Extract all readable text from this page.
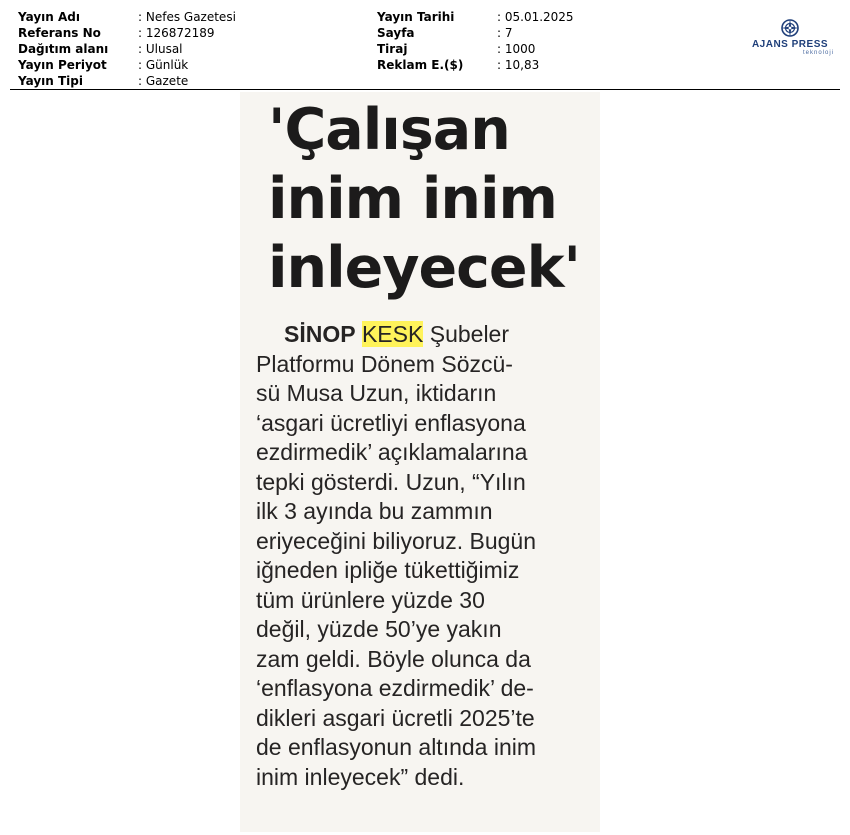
Yayın Adı	: Nefes Gazetesi
Referans No	: 126872189
Dağıtım alanı	: Ulusal
Yayın Periyot	: Günlük
Yayın Tipi	: Gazete
Yayın Tarihi	: 05.01.2025
Sayfa	: 7
Tiraj	: 1000
Reklam E.($)	: 10,83
AJANS PRESS
teknoloji
'Çalışan
inim inim
inleyecek'
SİNOP KESK Şubeler
Platformu Dönem Sözcü-
sü Musa Uzun, iktidarın
‘asgari ücretliyi enflasyona
ezdirmedik’ açıklamalarına
tepki gösterdi. Uzun, “Yılın
ilk 3 ayında bu zammın
eriyeceğini biliyoruz. Bugün
iğneden ipliğe tükettiğimiz
tüm ürünlere yüzde 30
değil, yüzde 50’ye yakın
zam geldi. Böyle olunca da
‘enflasyona ezdirmedik’ de-
dikleri asgari ücretli 2025’te
de enflasyonun altında inim
inim inleyecek” dedi.
